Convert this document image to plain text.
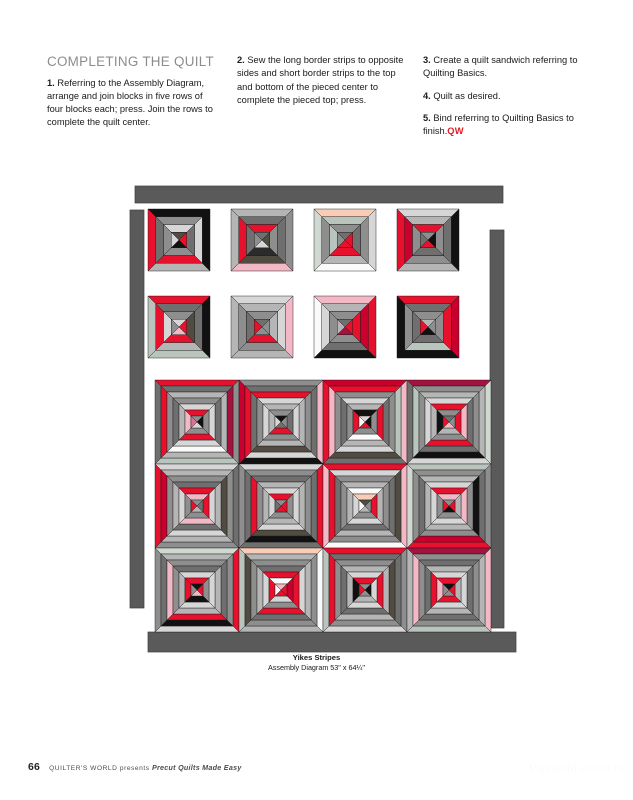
COMPLETING THE QUILT

1. Referring to the Assembly Diagram, arrange and join blocks in five rows of four blocks each; press. Join the rows to complete the quilt center.

2. Sew the long border strips to opposite sides and short border strips to the top and bottom of the pieced center to complete the pieced top; press.

3. Create a quilt sandwich referring to Quilting Basics.

4. Quilt as desired.

5. Bind referring to Quilting Basics to finish.QW

Yikes Stripes
Assembly Diagram 53" x 64¼"
66 QUILTER'S WORLD presents Precut Quilts Made Easy	PassionForum.ru
